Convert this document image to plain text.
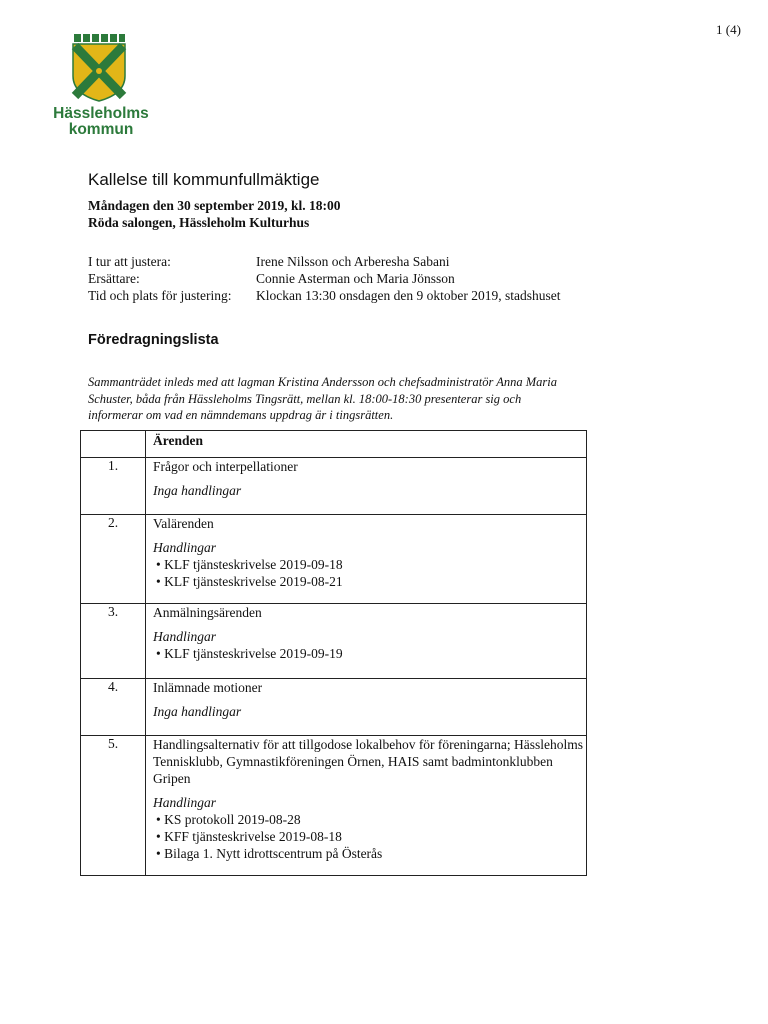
1 (4)
Hässleholms
kommun
Kallelse till kommunfullmäktige
Måndagen den 30 september 2019, kl. 18:00
Röda salongen, Hässleholm Kulturhus
I tur att justera:	Irene Nilsson och Arberesha Sabani
Ersättare:	Connie Asterman och Maria Jönsson
Tid och plats för justering:	Klockan 13:30 onsdagen den 9 oktober 2019, stadshuset
Föredragningslista
Sammanträdet inleds med att lagman Kristina Andersson och chefsadministratör Anna Maria Schuster, båda från Hässleholms Tingsrätt, mellan kl. 18:00-18:30 presenterar sig och informerar om vad en nämndemans uppdrag är i tingsrätten.
	Ärenden
1.	Frågor och interpellationer
Inga handlingar

2.	Valärenden
Handlingar
• KLF tjänsteskrivelse 2019-09-18
• KLF tjänsteskrivelse 2019-08-21

3.	Anmälningsärenden
Handlingar
• KLF tjänsteskrivelse 2019-09-19

4.	Inlämnade motioner
Inga handlingar

5.	Handlingsalternativ för att tillgodose lokalbehov för föreningarna; Hässleholms Tennisklubb, Gymnastikföreningen Örnen, HAIS samt badmintonklubben Gripen
Handlingar
• KS protokoll 2019-08-28
• KFF tjänsteskrivelse 2019-08-18
• Bilaga 1. Nytt idrottscentrum på Österås
